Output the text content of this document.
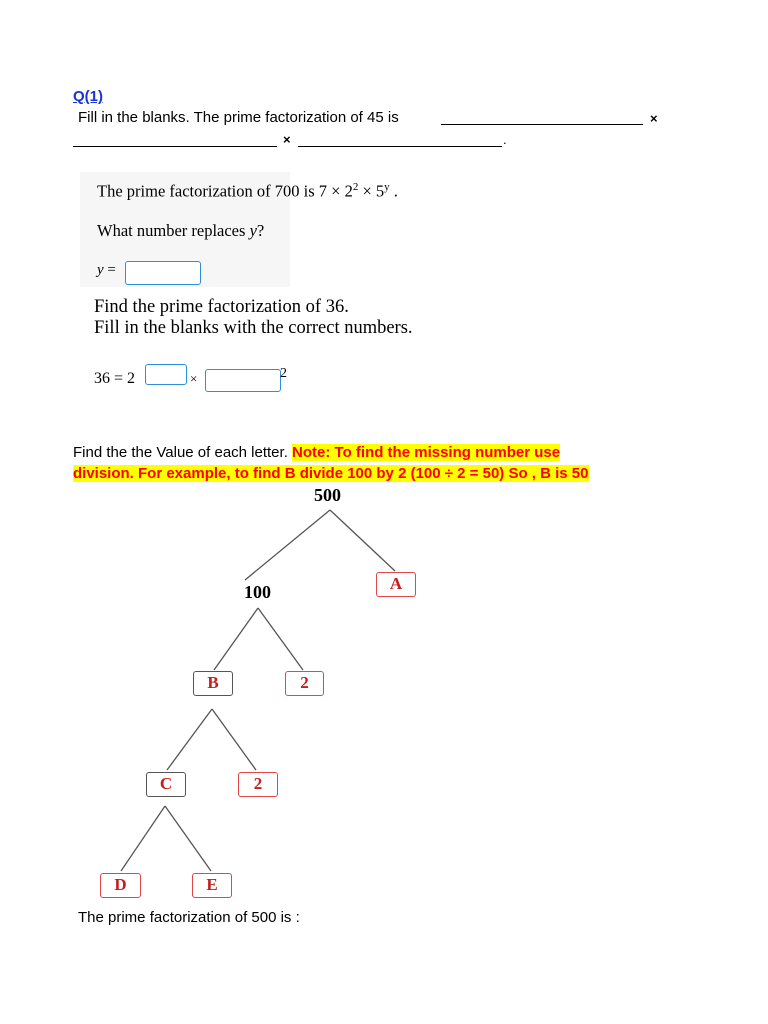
Q(1)
Fill in the blanks. The prime factorization of 45 is	×
×	.
The prime factorization of 700 is $7 \times 2^2 \times 5^y$ .
What number replaces y?
y =
Find the prime factorization of 36.
Fill in the blanks with the correct numbers.
36 = 2	×	2
Find the the Value of each letter. Note: To find the missing number use
division. For example, to find B divide 100 by 2 (100 ÷ 2 = 50) So , B is 50
500
100	A
B	2
C	2
D	E
The prime factorization of 500 is :
